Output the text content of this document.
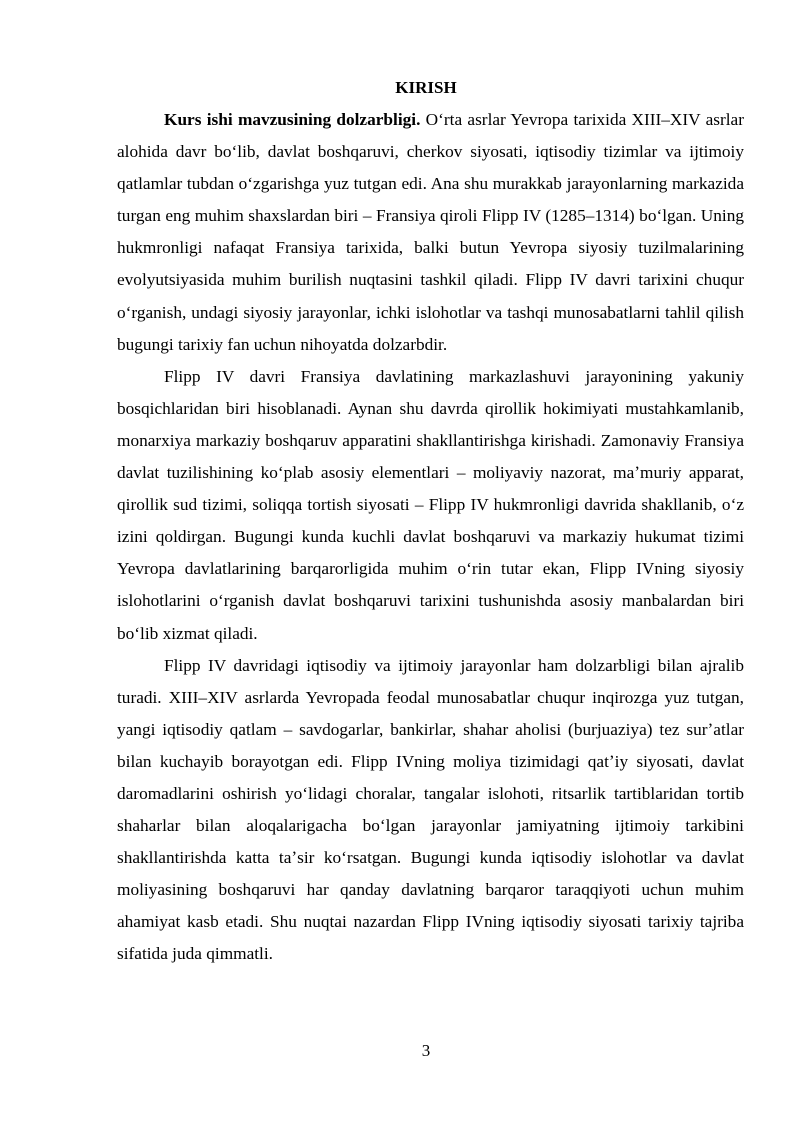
KIRISH

Kurs ishi mavzusining dolzarbligi. Oʻrta asrlar Yevropa tarixida XIII–XIV asrlar alohida davr boʻlib, davlat boshqaruvi, cherkov siyosati, iqtisodiy tizimlar va ijtimoiy qatlamlar tubdan oʻzgarishga yuz tutgan edi. Ana shu murakkab jarayonlarning markazida turgan eng muhim shaxslardan biri – Fransiya qiroli Flipp IV (1285–1314) boʻlgan. Uning hukmronligi nafaqat Fransiya tarixida, balki butun Yevropa siyosiy tuzilmalarining evolyutsiyasida muhim burilish nuqtasini tashkil qiladi. Flipp IV davri tarixini chuqur oʻrganish, undagi siyosiy jarayonlar, ichki islohotlar va tashqi munosabatlarni tahlil qilish bugungi tarixiy fan uchun nihoyatda dolzarbdir.

Flipp IV davri Fransiya davlatining markazlashuvi jarayonining yakuniy bosqichlaridan biri hisoblanadi. Aynan shu davrda qirollik hokimiyati mustahkamlanib, monarxiya markaziy boshqaruv apparatini shakllantirishga kirishadi. Zamonaviy Fransiya davlat tuzilishining koʻplab asosiy elementlari – moliyaviy nazorat, maʼmuriy apparat, qirollik sud tizimi, soliqqa tortish siyosati – Flipp IV hukmronligi davrida shakllanib, oʻz izini qoldirgan. Bugungi kunda kuchli davlat boshqaruvi va markaziy hukumat tizimi Yevropa davlatlarining barqarorligida muhim oʻrin tutar ekan, Flipp IVning siyosiy islohotlarini oʻrganish davlat boshqaruvi tarixini tushunishda asosiy manbalardan biri boʻlib xizmat qiladi.

Flipp IV davridagi iqtisodiy va ijtimoiy jarayonlar ham dolzarbligi bilan ajralib turadi. XIII–XIV asrlarda Yevropada feodal munosabatlar chuqur inqirozga yuz tutgan, yangi iqtisodiy qatlam – savdogarlar, bankirlar, shahar aholisi (burjuaziya) tez surʼatlar bilan kuchayib borayotgan edi. Flipp IVning moliya tizimidagi qatʼiy siyosati, davlat daromadlarini oshirish yoʻlidagi choralar, tangalar islohoti, ritsarlik tartiblaridan tortib shaharlar bilan aloqalarigacha boʻlgan jarayonlar jamiyatning ijtimoiy tarkibini shakllantirishda katta taʼsir koʻrsatgan. Bugungi kunda iqtisodiy islohotlar va davlat moliyasining boshqaruvi har qanday davlatning barqaror taraqqiyoti uchun muhim ahamiyat kasb etadi. Shu nuqtai nazardan Flipp IVning iqtisodiy siyosati tarixiy tajriba sifatida juda qimmatli.

3
